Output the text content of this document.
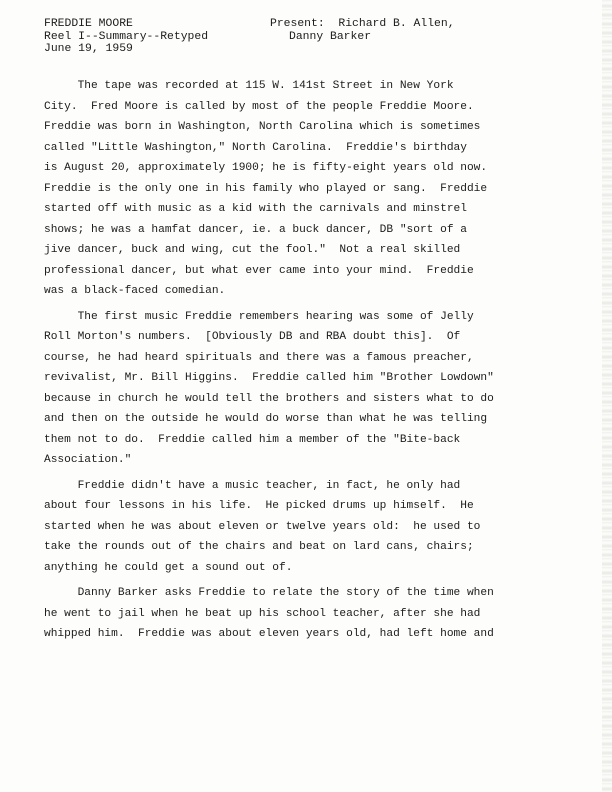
FREDDIE MOORE
Reel I--Summary--Retyped
June 19, 1959
Present: Richard B. Allen,
Danny Barker
The tape was recorded at 115 W. 141st Street in New York
City.  Fred Moore is called by most of the people Freddie Moore.
Freddie was born in Washington, North Carolina which is sometimes
called "Little Washington," North Carolina.  Freddie's birthday
is August 20, approximately 1900; he is fifty-eight years old now.
Freddie is the only one in his family who played or sang.  Freddie
started off with music as a kid with the carnivals and minstrel
shows; he was a hamfat dancer, ie. a buck dancer, DB "sort of a
jive dancer, buck and wing, cut the fool."  Not a real skilled
professional dancer, but what ever came into your mind.  Freddie
was a black-faced comedian.
The first music Freddie remembers hearing was some of Jelly
Roll Morton's numbers.  [Obviously DB and RBA doubt this].  Of
course, he had heard spirituals and there was a famous preacher,
revivalist, Mr. Bill Higgins.  Freddie called him "Brother Lowdown"
because in church he would tell the brothers and sisters what to do
and then on the outside he would do worse than what he was telling
them not to do.  Freddie called him a member of the "Bite-back
Association."
Freddie didn't have a music teacher, in fact, he only had
about four lessons in his life.  He picked drums up himself.  He
started when he was about eleven or twelve years old:  he used to
take the rounds out of the chairs and beat on lard cans, chairs;
anything he could get a sound out of.
Danny Barker asks Freddie to relate the story of the time when
he went to jail when he beat up his school teacher, after she had
whipped him.  Freddie was about eleven years old, had left home and
